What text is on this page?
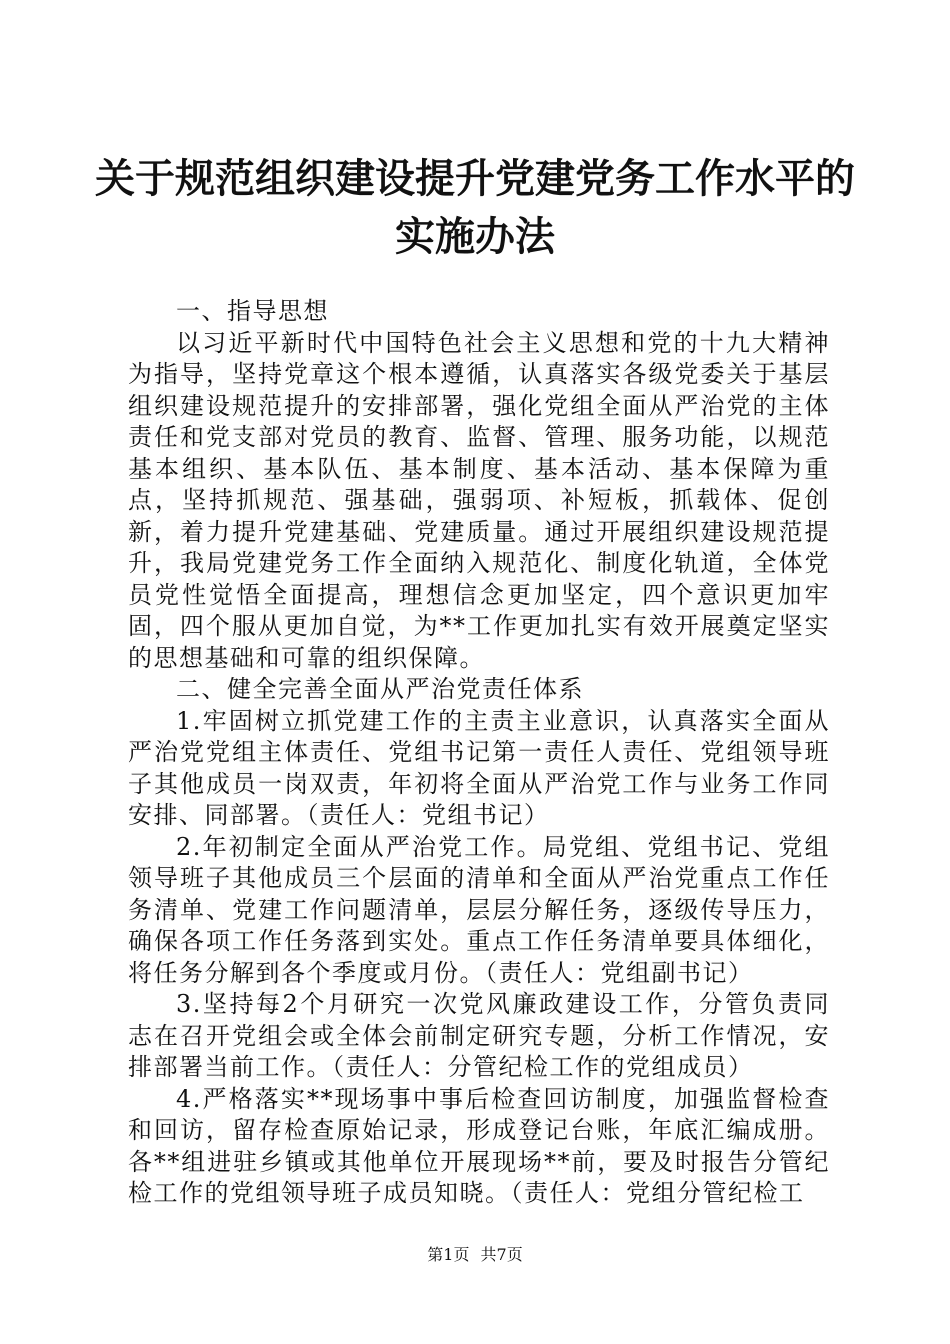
关于规范组织建设提升党建党务工作水平的实施办法

一、指导思想

以习近平新时代中国特色社会主义思想和党的十九大精神为指导，坚持党章这个根本遵循，认真落实各级党委关于基层组织建设规范提升的安排部署，强化党组全面从严治党的主体责任和党支部对党员的教育、监督、管理、服务功能，以规范基本组织、基本队伍、基本制度、基本活动、基本保障为重点，坚持抓规范、强基础，强弱项、补短板，抓载体、促创新，着力提升党建基础、党建质量。通过开展组织建设规范提升，我局党建党务工作全面纳入规范化、制度化轨道，全体党员党性觉悟全面提高，理想信念更加坚定，四个意识更加牢固，四个服从更加自觉，为**工作更加扎实有效开展奠定坚实的思想基础和可靠的组织保障。

二、健全完善全面从严治党责任体系

1.牢固树立抓党建工作的主责主业意识，认真落实全面从严治党党组主体责任、党组书记第一责任人责任、党组领导班子其他成员一岗双责，年初将全面从严治党工作与业务工作同安排、同部署。（责任人：党组书记）

2.年初制定全面从严治党工作。局党组、党组书记、党组领导班子其他成员三个层面的清单和全面从严治党重点工作任务清单、党建工作问题清单，层层分解任务，逐级传导压力，确保各项工作任务落到实处。重点工作任务清单要具体细化，将任务分解到各个季度或月份。（责任人：党组副书记）

3.坚持每2个月研究一次党风廉政建设工作，分管负责同志在召开党组会或全体会前制定研究专题，分析工作情况，安排部署当前工作。（责任人：分管纪检工作的党组成员）

4.严格落实**现场事中事后检查回访制度，加强监督检查和回访，留存检查原始记录，形成登记台账，年底汇编成册。各**组进驻乡镇或其他单位开展现场**前，要及时报告分管纪检工作的党组领导班子成员知晓。（责任人：党组分管纪检工

第1页 共7页
